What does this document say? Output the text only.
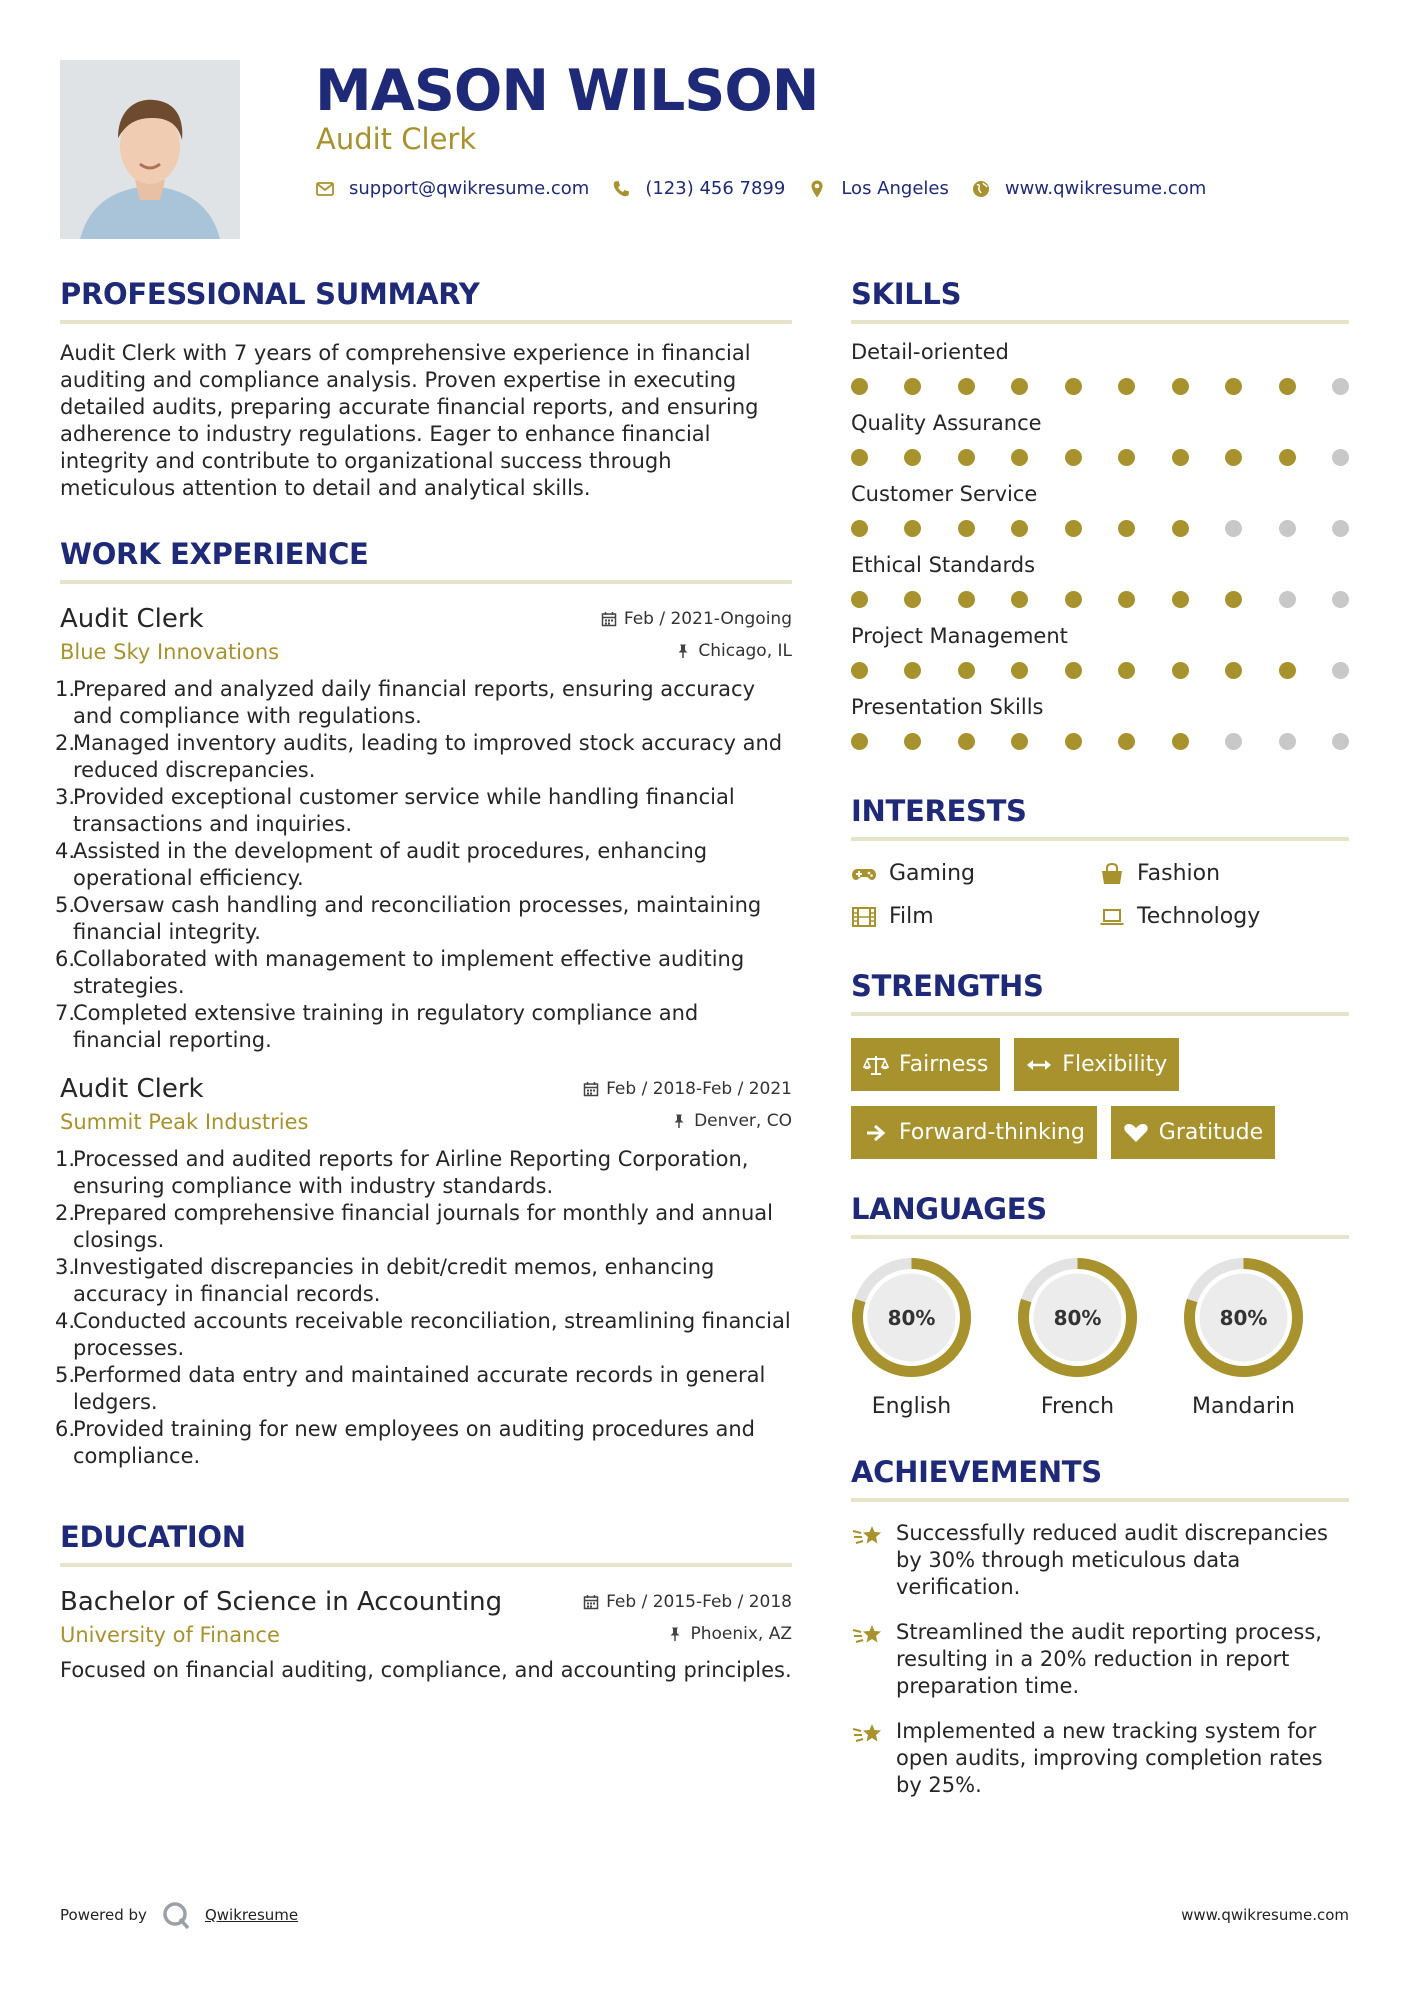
MASON WILSON
Audit Clerk
support@qwikresume.com	(123) 456 7899	Los Angeles	www.qwikresume.com
PROFESSIONAL SUMMARY
Audit Clerk with 7 years of comprehensive experience in financial auditing and compliance analysis. Proven expertise in executing detailed audits, preparing accurate financial reports, and ensuring adherence to industry regulations. Eager to enhance financial integrity and contribute to organizational success through meticulous attention to detail and analytical skills.
WORK EXPERIENCE
Audit Clerk	Feb / 2021-Ongoing
Blue Sky Innovations	Chicago, IL
1.Prepared and analyzed daily financial reports, ensuring accuracy and compliance with regulations.
2.Managed inventory audits, leading to improved stock accuracy and reduced discrepancies.
3.Provided exceptional customer service while handling financial transactions and inquiries.
4.Assisted in the development of audit procedures, enhancing operational efficiency.
5.Oversaw cash handling and reconciliation processes, maintaining financial integrity.
6.Collaborated with management to implement effective auditing strategies.
7.Completed extensive training in regulatory compliance and financial reporting.
Audit Clerk	Feb / 2018-Feb / 2021
Summit Peak Industries	Denver, CO
1.Processed and audited reports for Airline Reporting Corporation, ensuring compliance with industry standards.
2.Prepared comprehensive financial journals for monthly and annual closings.
3.Investigated discrepancies in debit/credit memos, enhancing accuracy in financial records.
4.Conducted accounts receivable reconciliation, streamlining financial processes.
5.Performed data entry and maintained accurate records in general ledgers.
6.Provided training for new employees on auditing procedures and compliance.
EDUCATION
Bachelor of Science in Accounting	Feb / 2015-Feb / 2018
University of Finance	Phoenix, AZ
Focused on financial auditing, compliance, and accounting principles.
SKILLS
Detail-oriented
Quality Assurance
Customer Service
Ethical Standards
Project Management
Presentation Skills
INTERESTS
Gaming	Fashion
Film	Technology
STRENGTHS
Fairness	Flexibility
Forward-thinking	Gratitude
LANGUAGES
80%
English
80%
French
80%
Mandarin
ACHIEVEMENTS
Successfully reduced audit discrepancies by 30% through meticulous data verification.
Streamlined the audit reporting process, resulting in a 20% reduction in report preparation time.
Implemented a new tracking system for open audits, improving completion rates by 25%.
Powered by	Qwikresume	www.qwikresume.com
